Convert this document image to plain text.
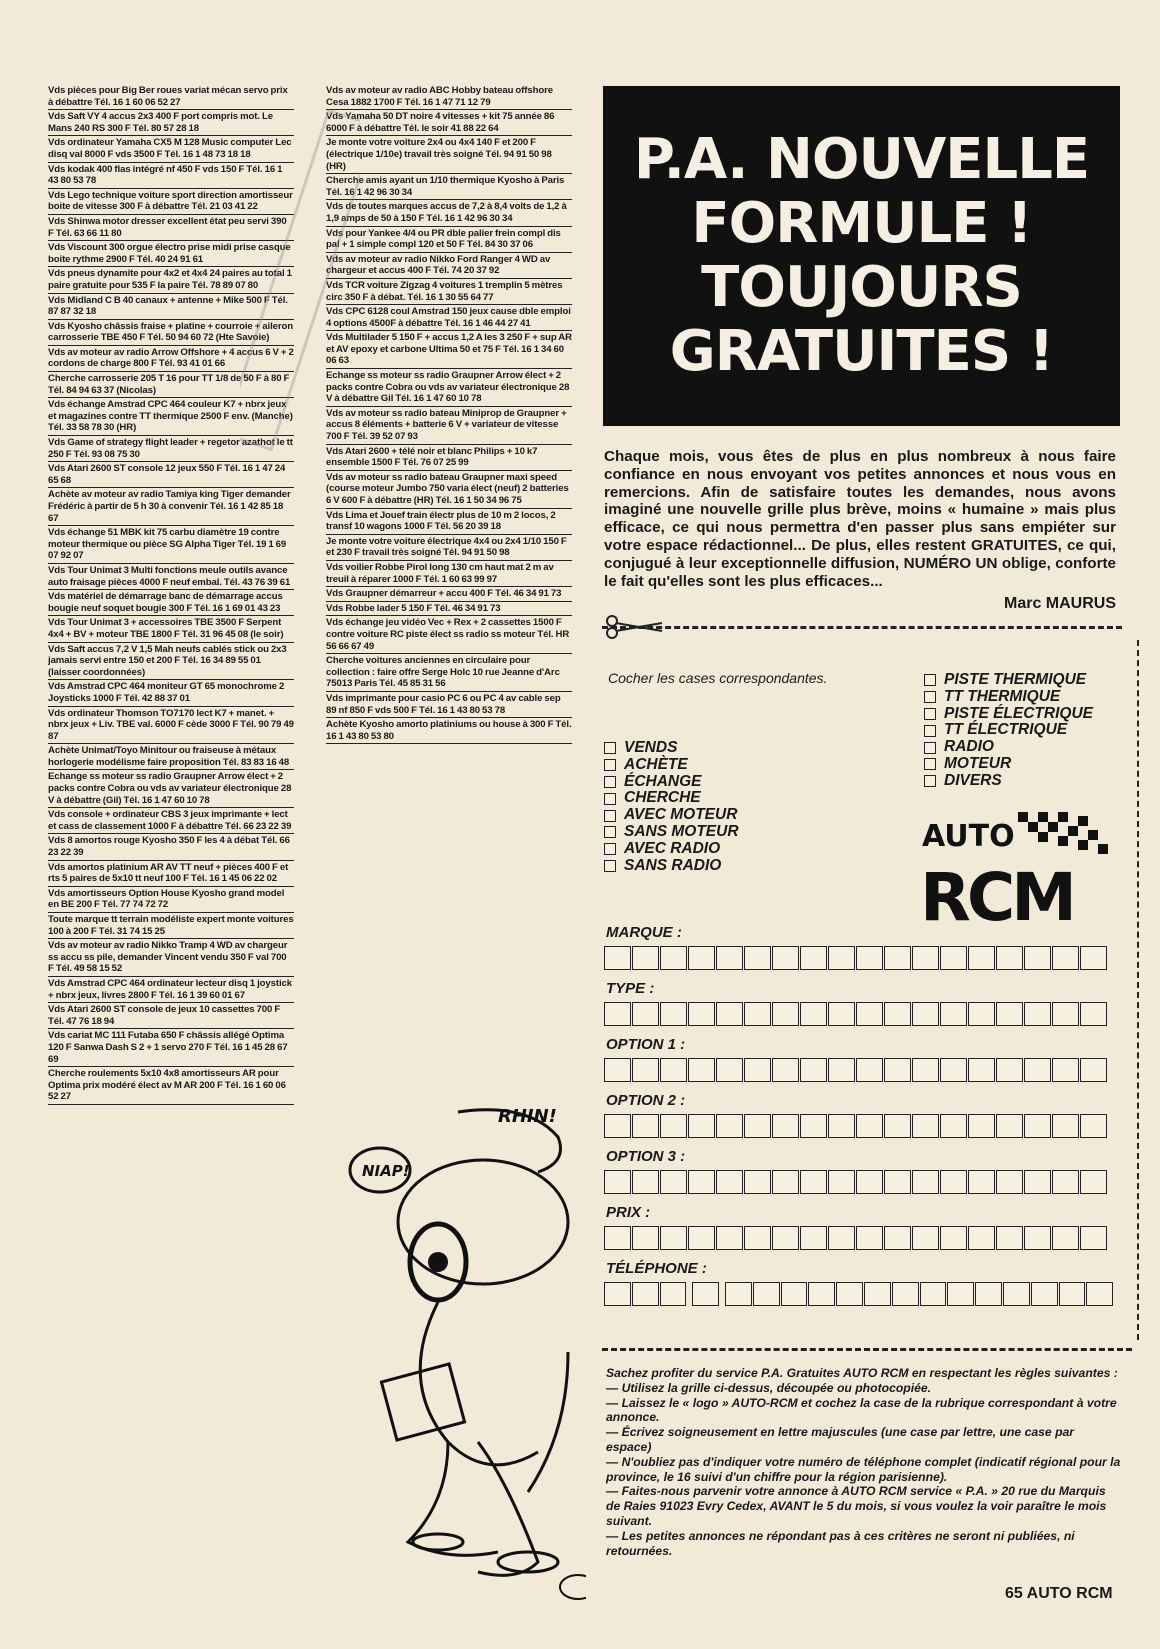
Vds pièces pour Big Ber roues variat mécan servo prix à débattre Tél. 16 1 60 06 52 27
Vds Saft VY 4 accus 2x3 400 F port compris mot. Le Mans 240 RS 300 F Tél. 80 57 28 18
Vds ordinateur Yamaha CX5 M 128 Music computer Lec disq val 8000 F vds 3500 F Tél. 16 1 48 73 18 18
Vds kodak 400 flas intégré nf 450 F vds 150 F Tél. 16 1 43 80 53 78
Vds Lego technique voiture sport direction amortisseur boite de vitesse 300 F à débattre Tél. 21 03 41 22
Vds Shinwa motor dresser excellent état peu servi 390 F Tél. 63 66 11 80
Vds Viscount 300 orgue électro prise midi prise casque boite rythme 2900 F Tél. 40 24 91 61
Vds pneus dynamite pour 4x2 et 4x4 24 paires au total 1 paire gratuite pour 535 F la paire Tél. 78 89 07 80
Vds Midland C B 40 canaux + antenne + Mike 500 F Tél. 87 87 32 18
Vds Kyosho châssis fraise + platine + courroie + aileron carrosserie TBE 450 F Tél. 50 94 60 72 (Hte Savoie)
Vds av moteur av radio Arrow Offshore + 4 accus 6 V + 2 cordons de charge 800 F Tél. 93 41 01 66
Cherche carrosserie 205 T 16 pour TT 1/8 de 50 F à 80 F Tél. 84 94 63 37 (Nicolas)
Vds échange Amstrad CPC 464 couleur K7 + nbrx jeux et magazines contre TT thermique 2500 F env. (Manche) Tél. 33 58 78 30 (HR)
Vds Game of strategy flight leader + regetor azathot le tt 250 F Tél. 93 08 75 30
Vds Atari 2600 ST console 12 jeux 550 F Tél. 16 1 47 24 65 68
Achète av moteur av radio Tamiya king Tiger demander Frédéric à partir de 5 h 30 à convenir Tél. 16 1 42 85 18 67
Vds échange 51 MBK kit 75 carbu diamètre 19 contre moteur thermique ou pièce SG Alpha Tiger Tél. 19 1 69 07 92 07
Vds Tour Unimat 3 Multi fonctions meule outils avance auto fraisage pièces 4000 F neuf embal. Tél. 43 76 39 61
Vds matériel de démarrage banc de démarrage accus bougie neuf soquet bougie 300 F Tél. 16 1 69 01 43 23
Vds Tour Unimat 3 + accessoires TBE 3500 F Serpent 4x4 + BV + moteur TBE 1800 F Tél. 31 96 45 08 (le soir)
Vds Saft accus 7,2 V 1,5 Mah neufs cablés stick ou 2x3 jamais servi entre 150 et 200 F Tél. 16 34 89 55 01 (laisser coordonnées)
Vds Amstrad CPC 464 moniteur GT 65 monochrome 2 Joysticks 1000 F Tél. 42 88 37 01
Vds ordinateur Thomson TO7170 lect K7 + manet. + nbrx jeux + Liv. TBE val. 6000 F cède 3000 F Tél. 90 79 49 87
Achète Unimat/Toyo Minitour ou fraiseuse à métaux horlogerie modélisme faire proposition Tél. 83 83 16 48
Echange ss moteur ss radio Graupner Arrow élect + 2 packs contre Cobra ou vds av variateur électronique 28 V à débattre (Gil) Tél. 16 1 47 60 10 78
Vds console + ordinateur CBS 3 jeux imprimante + lect et cass de classement 1000 F à débattre Tél. 66 23 22 39
Vds 8 amortos rouge Kyosho 350 F les 4 à débat Tél. 66 23 22 39
Vds amortos platinium AR AV TT neuf + pièces 400 F et rts 5 paires de 5x10 tt neuf 100 F Tél. 16 1 45 06 22 02
Vds amortisseurs Option House Kyosho grand model en BE 200 F Tél. 77 74 72 72
Toute marque tt terrain modéliste expert monte voitures 100 à 200 F Tél. 31 74 15 25
Vds av moteur av radio Nikko Tramp 4 WD av chargeur ss accu ss pile, demander Vincent vendu 350 F val 700 F Tél. 49 58 15 52
Vds Amstrad CPC 464 ordinateur lecteur disq 1 joystick + nbrx jeux, livres 2800 F Tél. 16 1 39 60 01 67
Vds Atari 2600 ST console de jeux 10 cassettes 700 F Tél. 47 76 18 94
Vds cariat MC 111 Futaba 650 F châssis allégé Optima 120 F Sanwa Dash S 2 + 1 servo 270 F Tél. 16 1 45 28 67 69
Cherche roulements 5x10 4x8 amortisseurs AR pour Optima prix modéré élect av M AR 200 F Tél. 16 1 60 06 52 27
Vds av moteur av radio ABC Hobby bateau offshore Cesa 1882 1700 F Tél. 16 1 47 71 12 79
Vds Yamaha 50 DT noire 4 vitesses + kit 75 année 86 6000 F à débattre Tél. le soir 41 88 22 64
Je monte votre voiture 2x4 ou 4x4 140 F et 200 F (électrique 1/10e) travail très soigné Tél. 94 91 50 98 (HR)
Cherche amis ayant un 1/10 thermique Kyosho à Paris Tél. 16 1 42 96 30 34
Vds de toutes marques accus de 7,2 à 8,4 volts de 1,2 à 1,9 amps de 50 à 150 F Tél. 16 1 42 96 30 34
Vds pour Yankee 4/4 ou PR dble palier frein compl dis pal + 1 simple compl 120 et 50 F Tél. 84 30 37 06
Vds av moteur av radio Nikko Ford Ranger 4 WD av chargeur et accus 400 F Tél. 74 20 37 92
Vds TCR voiture Zigzag 4 voitures 1 tremplin 5 mètres circ 350 F à débat. Tél. 16 1 30 55 64 77
Vds CPC 6128 coul Amstrad 150 jeux cause dble emploi 4 options 4500F à débattre Tél. 16 1 46 44 27 41
Vds Multilader 5 150 F + accus 1,2 A les 3 250 F + sup AR et AV epoxy et carbone Ultima 50 et 75 F Tél. 16 1 34 60 06 63
Echange ss moteur ss radio Graupner Arrow élect + 2 packs contre Cobra ou vds av variateur électronique 28 V à débattre Gil Tél. 16 1 47 60 10 78
Vds av moteur ss radio bateau Miniprop de Graupner + accus 8 éléments + batterie 6 V + variateur de vitesse 700 F Tél. 39 52 07 93
Vds Atari 2600 + télé noir et blanc Philips + 10 k7 ensemble 1500 F Tél. 76 07 25 99
Vds av moteur ss radio bateau Graupner maxi speed (course moteur Jumbo 750 varia élect (neuf) 2 batteries 6 V 600 F à débattre (HR) Tél. 16 1 50 34 96 75
Vds Lima et Jouef train électr plus de 10 m 2 locos, 2 transf 10 wagons 1000 F Tél. 56 20 39 18
Je monte votre voiture électrique 4x4 ou 2x4 1/10 150 F et 230 F travail très soigné Tél. 94 91 50 98
Vds voilier Robbe Pirol long 130 cm haut mat 2 m av treuil à réparer 1000 F Tél. 1 60 63 99 97
Vds Graupner démarreur + accu 400 F Tél. 46 34 91 73
Vds Robbe lader 5 150 F Tél. 46 34 91 73
Vds échange jeu vidéo Vec + Rex + 2 cassettes 1500 F contre voiture RC piste élect ss radio ss moteur Tél. HR 56 66 67 49
Cherche voitures anciennes en circulaire pour collection : faire offre Serge Holc 10 rue Jeanne d'Arc 75013 Paris Tél. 45 85 31 56
Vds imprimante pour casio PC 6 ou PC 4 av cable sep 89 nf 850 F vds 500 F Tél. 16 1 43 80 53 78
Achète Kyosho amorto platiniums ou house à 300 F Tél. 16 1 43 80 53 80
P.A. NOUVELLE
FORMULE !
TOUJOURS
GRATUITES !
Chaque mois, vous êtes de plus en plus nombreux à nous faire confiance en nous envoyant vos petites annonces et nous vous en remercions. Afin de satisfaire toutes les demandes, nous avons imaginé une nouvelle grille plus brève, moins « humaine » mais plus efficace, ce qui nous permettra d'en passer plus sans empiéter sur votre espace rédactionnel... De plus, elles restent GRATUITES, ce qui, conjugué à leur exceptionnelle diffusion, NUMÉRO UN oblige, conforte le fait qu'elles sont les plus efficaces...
Marc MAURUS
Cocher les cases correspondantes.
VENDS
ACHÈTE
ÉCHANGE
CHERCHE
AVEC MOTEUR
SANS MOTEUR
AVEC RADIO
SANS RADIO
PISTE THERMIQUE
TT THERMIQUE
PISTE ÉLECTRIQUE
TT ÉLECTRIQUE
RADIO
MOTEUR
DIVERS
AUTO
RCM
MARQUE :
TYPE :
OPTION 1 :
OPTION 2 :
OPTION 3 :
PRIX :
TÉLÉPHONE :
NIAP!
RHIN!

Sachez profiter du service P.A. Gratuites AUTO RCM en respectant les règles suivantes :

— Utilisez la grille ci-dessus, découpée ou photocopiée.

— Laissez le « logo » AUTO-RCM et cochez la case de la rubrique correspondant à votre annonce.

— Écrivez soigneusement en lettre majuscules (une case par lettre, une case par espace)

— N'oubliez pas d'indiquer votre numéro de téléphone complet (indicatif régional pour la province, le 16 suivi d'un chiffre pour la région parisienne).

— Faites-nous parvenir votre annonce à AUTO RCM service « P.A. » 20 rue du Marquis de Raies 91023 Evry Cedex, AVANT le 5 du mois, si vous voulez la voir paraître le mois suivant.

— Les petites annonces ne répondant pas à ces critères ne seront ni publiées, ni retournées.

65 AUTO RCM
